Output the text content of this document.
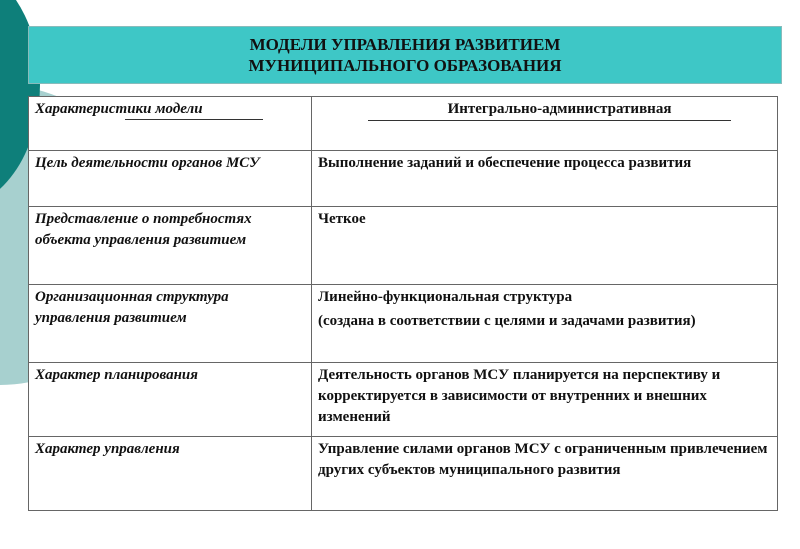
МОДЕЛИ УПРАВЛЕНИЯ РАЗВИТИЕМ
МУНИЦИПАЛЬНОГО ОБРАЗОВАНИЯ
Характеристики модели	Интегрально-административная
Цель деятельности органов МСУ	Выполнение заданий и обеспечение процесса развития
Представление о потребностях объекта управления развитием	Четкое
Организационная структура управления развитием	Линейно-функциональная структура
(создана в соответствии с целями и задачами развития)

Характер планирования	Деятельность органов МСУ планируется на перспективу и корректируется в зависимости от внутренних и внешних изменений
Характер управления	Управление силами органов МСУ с ограниченным привлечением других субъектов муниципального развития
